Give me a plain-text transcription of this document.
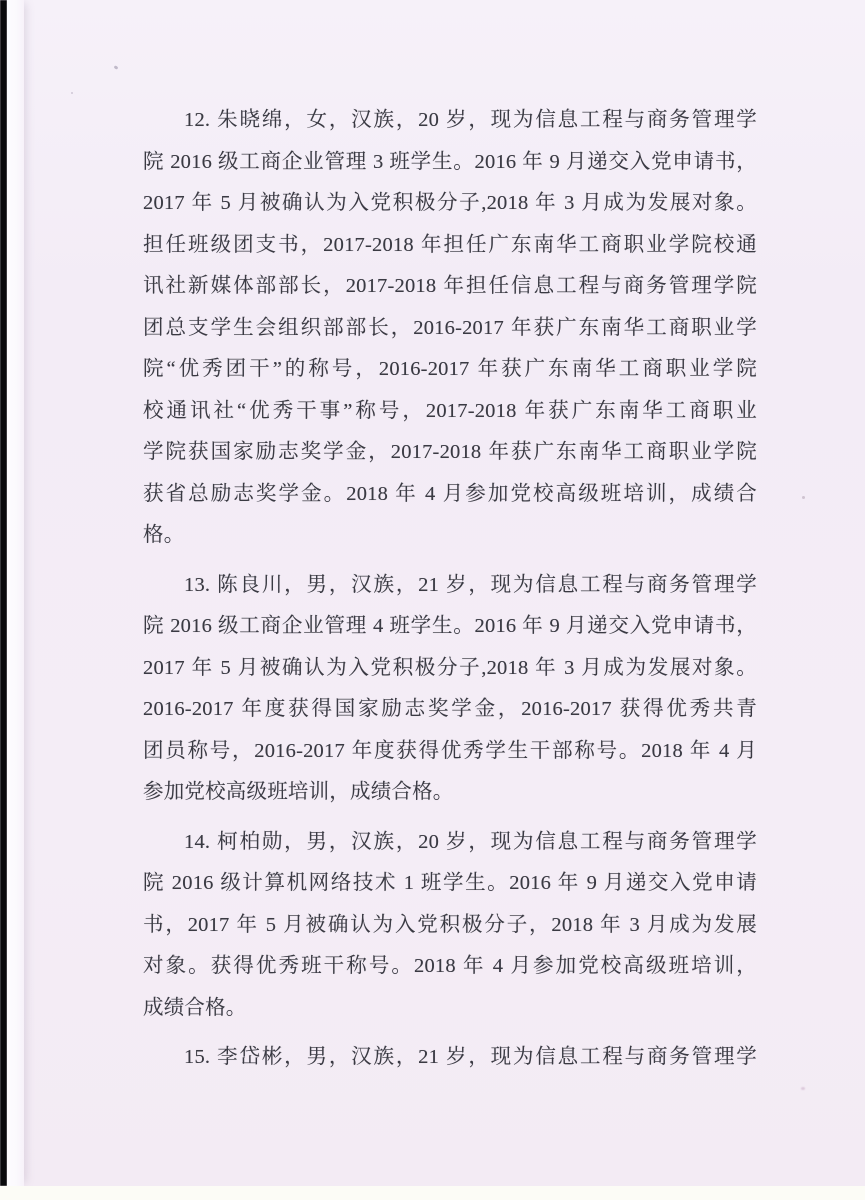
12. 朱晓绵，女，汉族，20 岁，现为信息工程与商务管理学
院 2016 级工商企业管理 3 班学生。2016 年 9 月递交入党申请书，
2017 年 5 月被确认为入党积极分子,2018 年 3 月成为发展对象。
担任班级团支书，2017-2018 年担任广东南华工商职业学院校通
讯社新媒体部部长，2017-2018 年担任信息工程与商务管理学院
团总支学生会组织部部长，2016-2017 年获广东南华工商职业学
院“优秀团干”的称号，2016-2017 年获广东南华工商职业学院
校通讯社“优秀干事”称号，2017-2018 年获广东南华工商职业
学院获国家励志奖学金，2017-2018 年获广东南华工商职业学院
获省总励志奖学金。2018 年 4 月参加党校高级班培训，成绩合
格。
13. 陈良川，男，汉族，21 岁，现为信息工程与商务管理学
院 2016 级工商企业管理 4 班学生。2016 年 9 月递交入党申请书，
2017 年 5 月被确认为入党积极分子,2018 年 3 月成为发展对象。
2016-2017 年度获得国家励志奖学金，2016-2017 获得优秀共青
团员称号，2016-2017 年度获得优秀学生干部称号。2018 年 4 月
参加党校高级班培训，成绩合格。
14. 柯柏勋，男，汉族，20 岁，现为信息工程与商务管理学
院 2016 级计算机网络技术 1 班学生。2016 年 9 月递交入党申请
书，2017 年 5 月被确认为入党积极分子，2018 年 3 月成为发展
对象。获得优秀班干称号。2018 年 4 月参加党校高级班培训，
成绩合格。
15. 李岱彬，男，汉族，21 岁，现为信息工程与商务管理学
